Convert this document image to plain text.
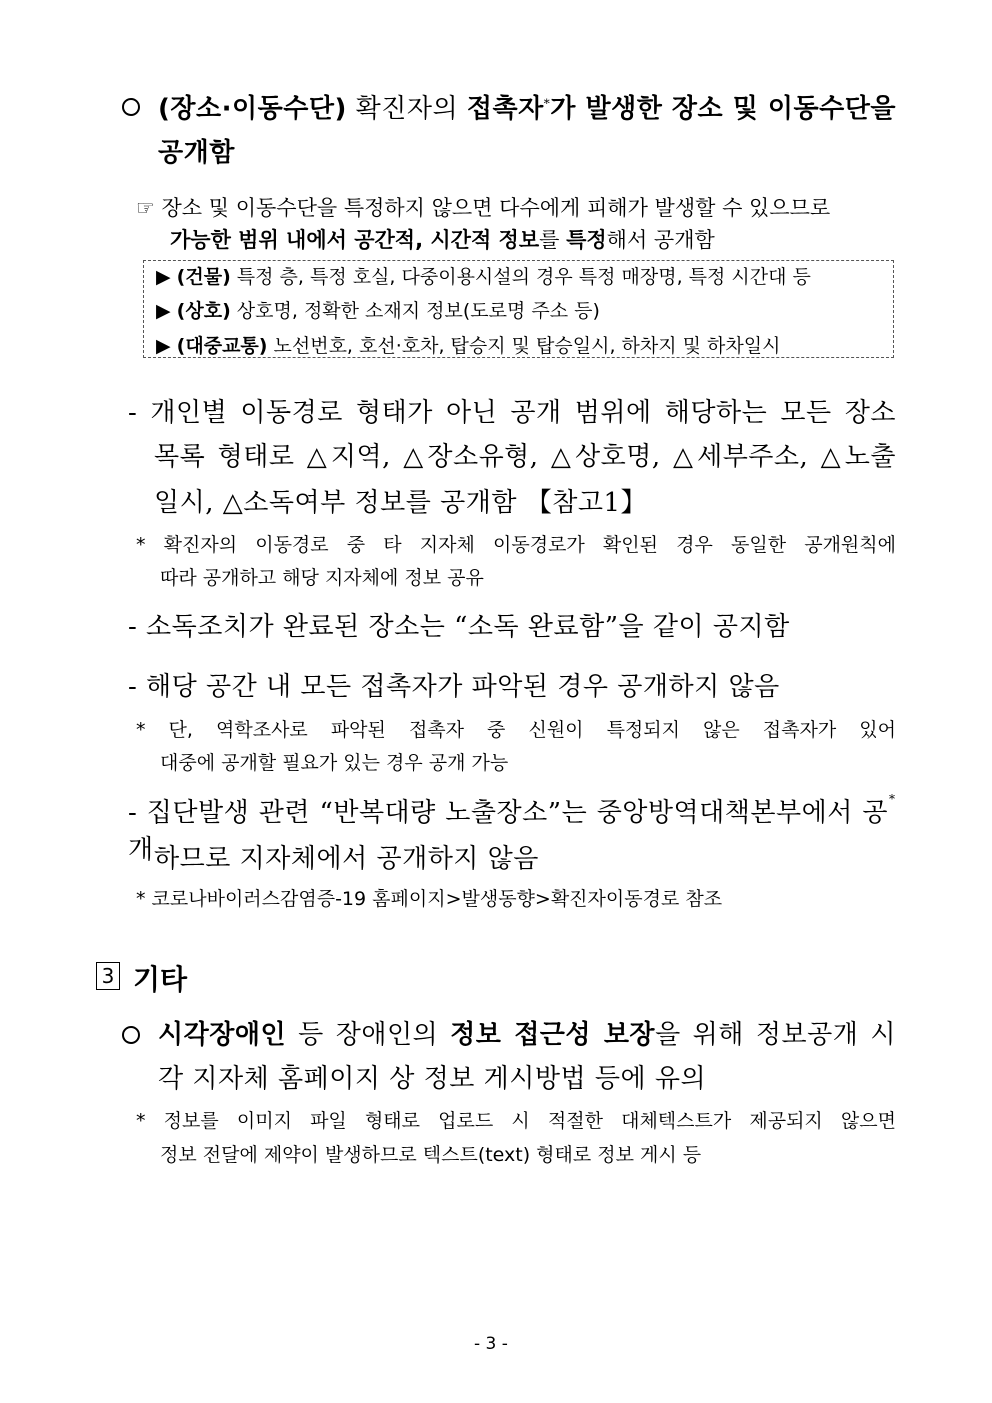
(장소·이동수단) 확진자의 접촉자*가 발생한 장소 및 이동수단을
공개함
☞ 장소 및 이동수단을 특정하지 않으면 다수에게 피해가 발생할 수 있으므로
가능한 범위 내에서 공간적, 시간적 정보를 특정해서 공개함
▶ (건물) 특정 층, 특정 호실, 다중이용시설의 경우 특정 매장명, 특정 시간대 등
▶ (상호) 상호명, 정확한 소재지 정보(도로명 주소 등)
▶ (대중교통) 노선번호, 호선·호차, 탑승지 및 탑승일시, 하차지 및 하차일시
- 개인별 이동경로 형태가 아닌 공개 범위에 해당하는 모든 장소
목록 형태로 △지역, △장소유형, △상호명, △세부주소, △노출
일시, △소독여부 정보를 공개함 【참고1】
* 확진자의 이동경로 중 타 지자체 이동경로가 확인된 경우 동일한 공개원칙에
따라 공개하고 해당 지자체에 정보 공유
- 소독조치가 완료된 장소는 “소독 완료함”을 같이 공지함
- 해당 공간 내 모든 접촉자가 파악된 경우 공개하지 않음
* 단, 역학조사로 파악된 접촉자 중 신원이 특정되지 않은 접촉자가 있어
대중에 공개할 필요가 있는 경우 공개 가능
- 집단발생 관련 “반복대량 노출장소”는 중앙방역대책본부에서 공개
*
하므로 지자체에서 공개하지 않음
* 코로나바이러스감염증-19 홈페이지>발생동향>확진자이동경로 참조
3 기타
시각장애인 등 장애인의 정보 접근성 보장을 위해 정보공개 시
각 지자체 홈페이지 상 정보 게시방법 등에 유의
* 정보를 이미지 파일 형태로 업로드 시 적절한 대체텍스트가 제공되지 않으면
정보 전달에 제약이 발생하므로 텍스트(text) 형태로 정보 게시 등
- 3 -
